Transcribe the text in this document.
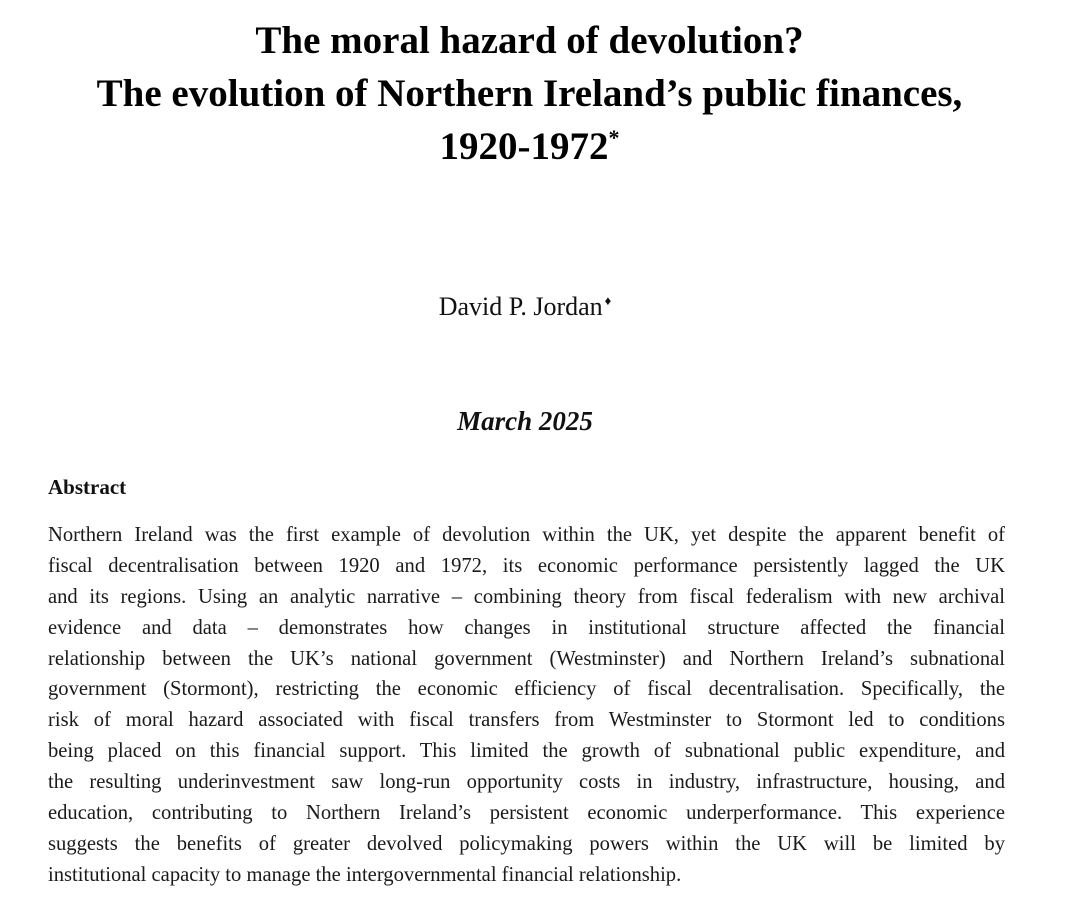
The moral hazard of devolution?
The evolution of Northern Ireland’s public finances,
1920-1972*
David P. Jordan ♦
March 2025
Abstract
Northern Ireland was the first example of devolution within the UK, yet despite the apparent benefit of
fiscal decentralisation between 1920 and 1972, its economic performance persistently lagged the UK
and its regions. Using an analytic narrative – combining theory from fiscal federalism with new archival
evidence and data – demonstrates how changes in institutional structure affected the financial
relationship between the UK’s national government (Westminster) and Northern Ireland’s subnational
government (Stormont), restricting the economic efficiency of fiscal decentralisation. Specifically, the
risk of moral hazard associated with fiscal transfers from Westminster to Stormont led to conditions
being placed on this financial support. This limited the growth of subnational public expenditure, and
the resulting underinvestment saw long-run opportunity costs in industry, infrastructure, housing, and
education, contributing to Northern Ireland’s persistent economic underperformance. This experience
suggests the benefits of greater devolved policymaking powers within the UK will be limited by
institutional capacity to manage the intergovernmental financial relationship.
